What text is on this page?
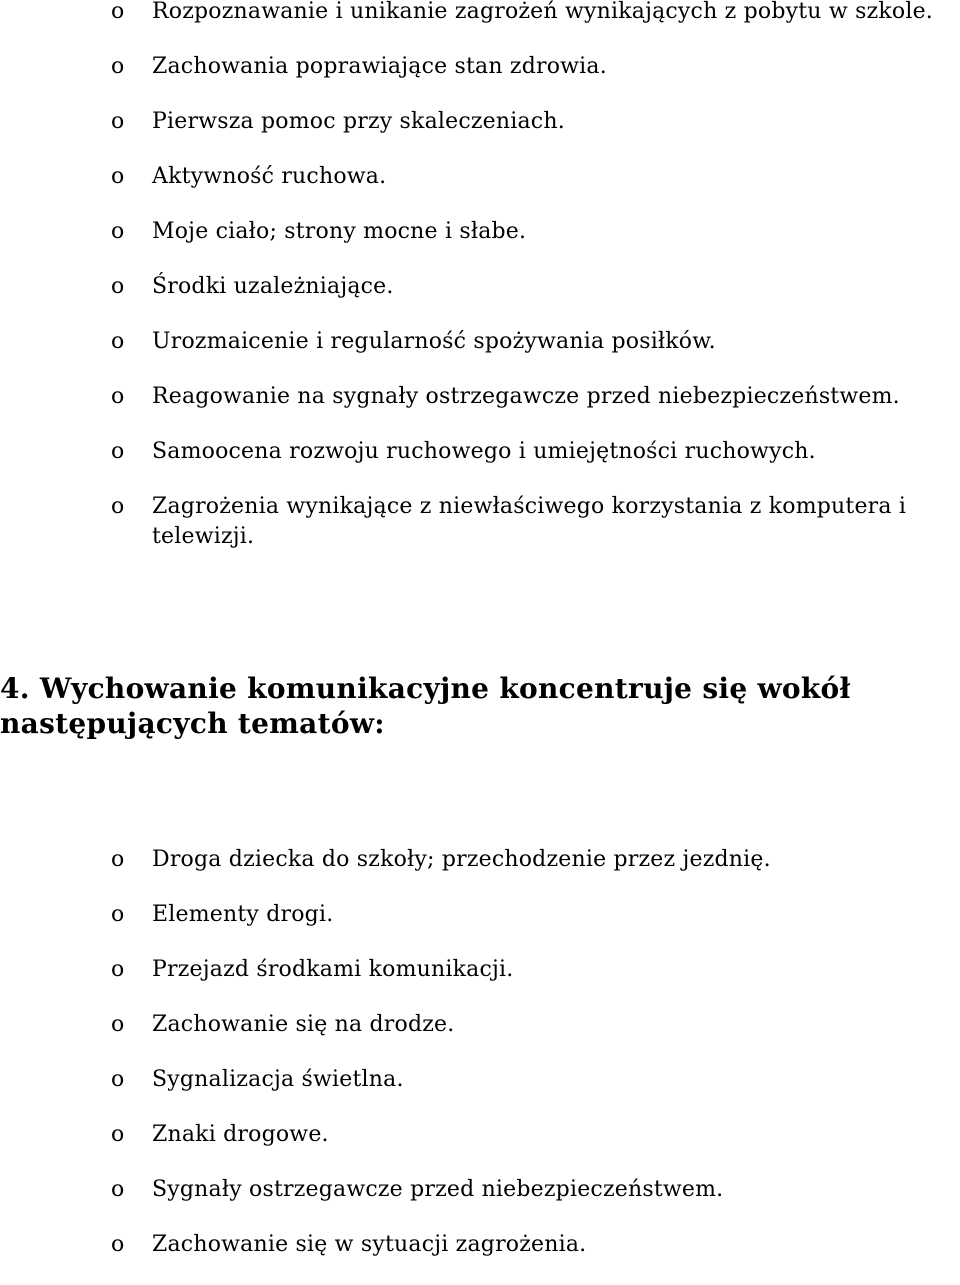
o Rozpoznawanie i unikanie zagrożeń wynikających z pobytu w szkole.
o Zachowania poprawiające stan zdrowia.
o Pierwsza pomoc przy skaleczeniach.
o Aktywność ruchowa.
o Moje ciało; strony mocne i słabe.
o Środki uzależniające.
o Urozmaicenie i regularność spożywania posiłków.
o Reagowanie na sygnały ostrzegawcze przed niebezpieczeństwem.
o Samoocena rozwoju ruchowego i umiejętności ruchowych.
o Zagrożenia wynikające z niewłaściwego korzystania z komputera i telewizji.
4. Wychowanie komunikacyjne koncentruje się wokół następujących tematów:
o Droga dziecka do szkoły; przechodzenie przez jezdnię.
o Elementy drogi.
o Przejazd środkami komunikacji.
o Zachowanie się na drodze.
o Sygnalizacja świetlna.
o Znaki drogowe.
o Sygnały ostrzegawcze przed niebezpieczeństwem.
o Zachowanie się w sytuacji zagrożenia.
